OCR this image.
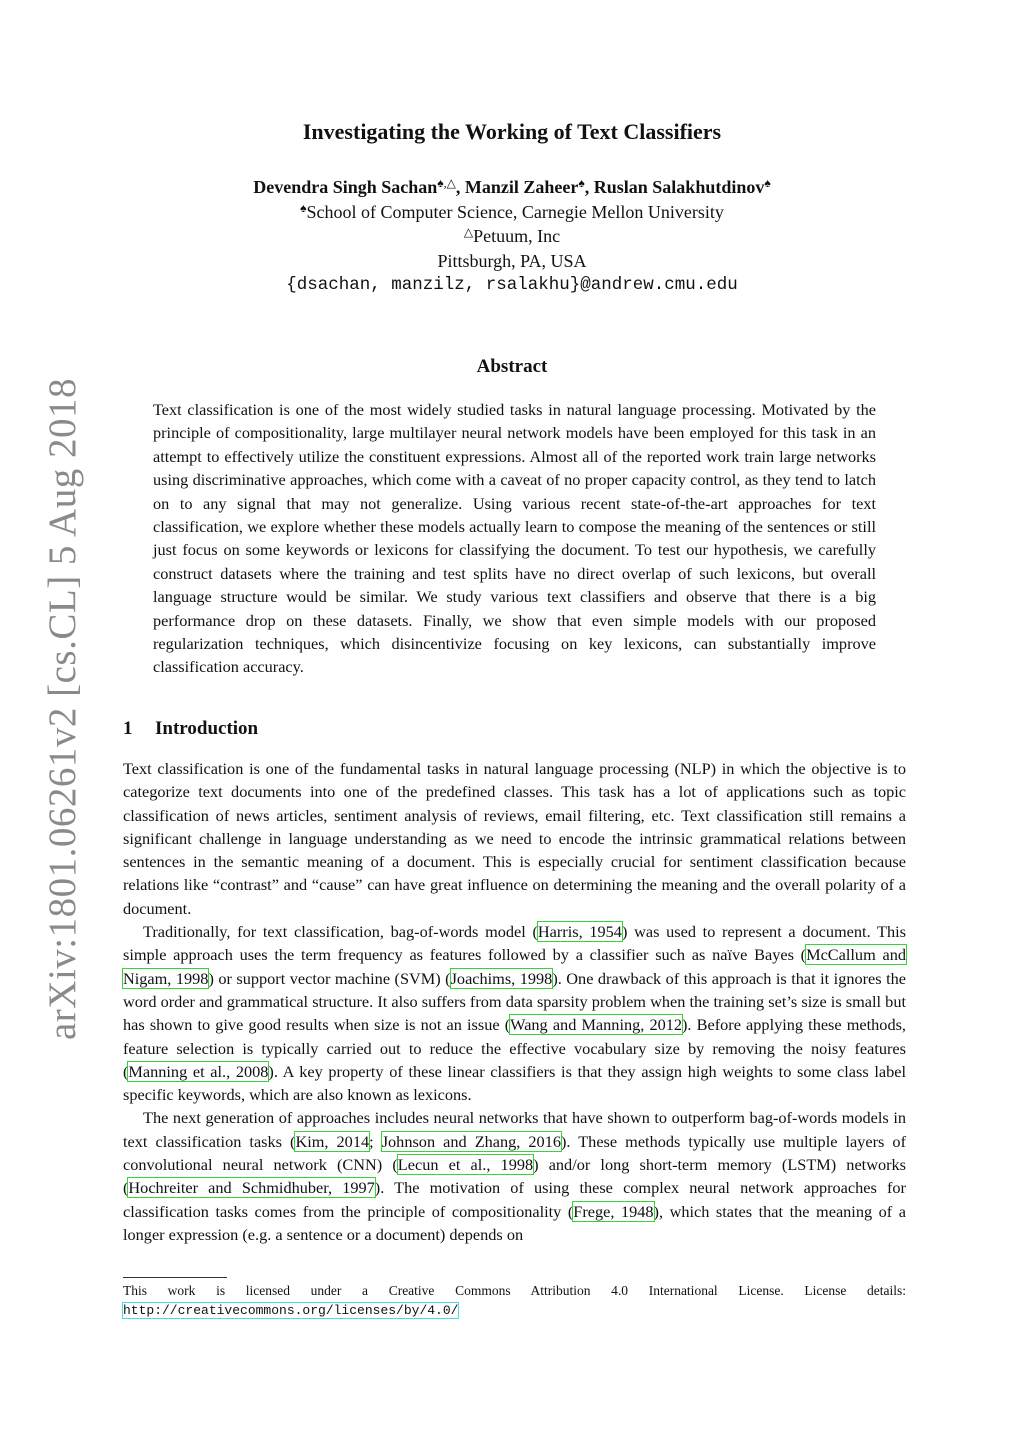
arXiv:1801.06261v2 [cs.CL] 5 Aug 2018
Investigating the Working of Text Classifiers
Devendra Singh Sachan♠,△, Manzil Zaheer♠, Ruslan Salakhutdinov♠
♠School of Computer Science, Carnegie Mellon University
△Petuum, Inc
Pittsburgh, PA, USA
{dsachan, manzilz, rsalakhu}@andrew.cmu.edu
Abstract
Text classification is one of the most widely studied tasks in natural language processing. Motivated by the principle of compositionality, large multilayer neural network models have been employed for this task in an attempt to effectively utilize the constituent expressions. Almost all of the reported work train large networks using discriminative approaches, which come with a caveat of no proper capacity control, as they tend to latch on to any signal that may not generalize. Using various recent state-of-the-art approaches for text classification, we explore whether these models actually learn to compose the meaning of the sentences or still just focus on some keywords or lexicons for classifying the document. To test our hypothesis, we carefully construct datasets where the training and test splits have no direct overlap of such lexicons, but overall language structure would be similar. We study various text classifiers and observe that there is a big performance drop on these datasets. Finally, we show that even simple models with our proposed regularization techniques, which disincentivize focusing on key lexicons, can substantially improve classification accuracy.
1 Introduction

Text classification is one of the fundamental tasks in natural language processing (NLP) in which the objective is to categorize text documents into one of the predefined classes. This task has a lot of applications such as topic classification of news articles, sentiment analysis of reviews, email filtering, etc. Text classification still remains a significant challenge in language understanding as we need to encode the intrinsic grammatical relations between sentences in the semantic meaning of a document. This is especially crucial for sentiment classification because relations like “contrast” and “cause” can have great influence on determining the meaning and the overall polarity of a document.

Traditionally, for text classification, bag-of-words model (Harris, 1954) was used to represent a document. This simple approach uses the term frequency as features followed by a classifier such as naïve Bayes (McCallum and Nigam, 1998) or support vector machine (SVM) (Joachims, 1998). One drawback of this approach is that it ignores the word order and grammatical structure. It also suffers from data sparsity problem when the training set’s size is small but has shown to give good results when size is not an issue (Wang and Manning, 2012). Before applying these methods, feature selection is typically carried out to reduce the effective vocabulary size by removing the noisy features (Manning et al., 2008). A key property of these linear classifiers is that they assign high weights to some class label specific keywords, which are also known as lexicons.

The next generation of approaches includes neural networks that have shown to outperform bag-of-words models in text classification tasks (Kim, 2014; Johnson and Zhang, 2016). These methods typically use multiple layers of convolutional neural network (CNN) (Lecun et al., 1998) and/or long short-term memory (LSTM) networks (Hochreiter and Schmidhuber, 1997). The motivation of using these complex neural network approaches for classification tasks comes from the principle of compositionality (Frege, 1948), which states that the meaning of a longer expression (e.g. a sentence or a document) depends on

This work is licensed under a Creative Commons Attribution 4.0 International License. License details: http://creativecommons.org/licenses/by/4.0/
